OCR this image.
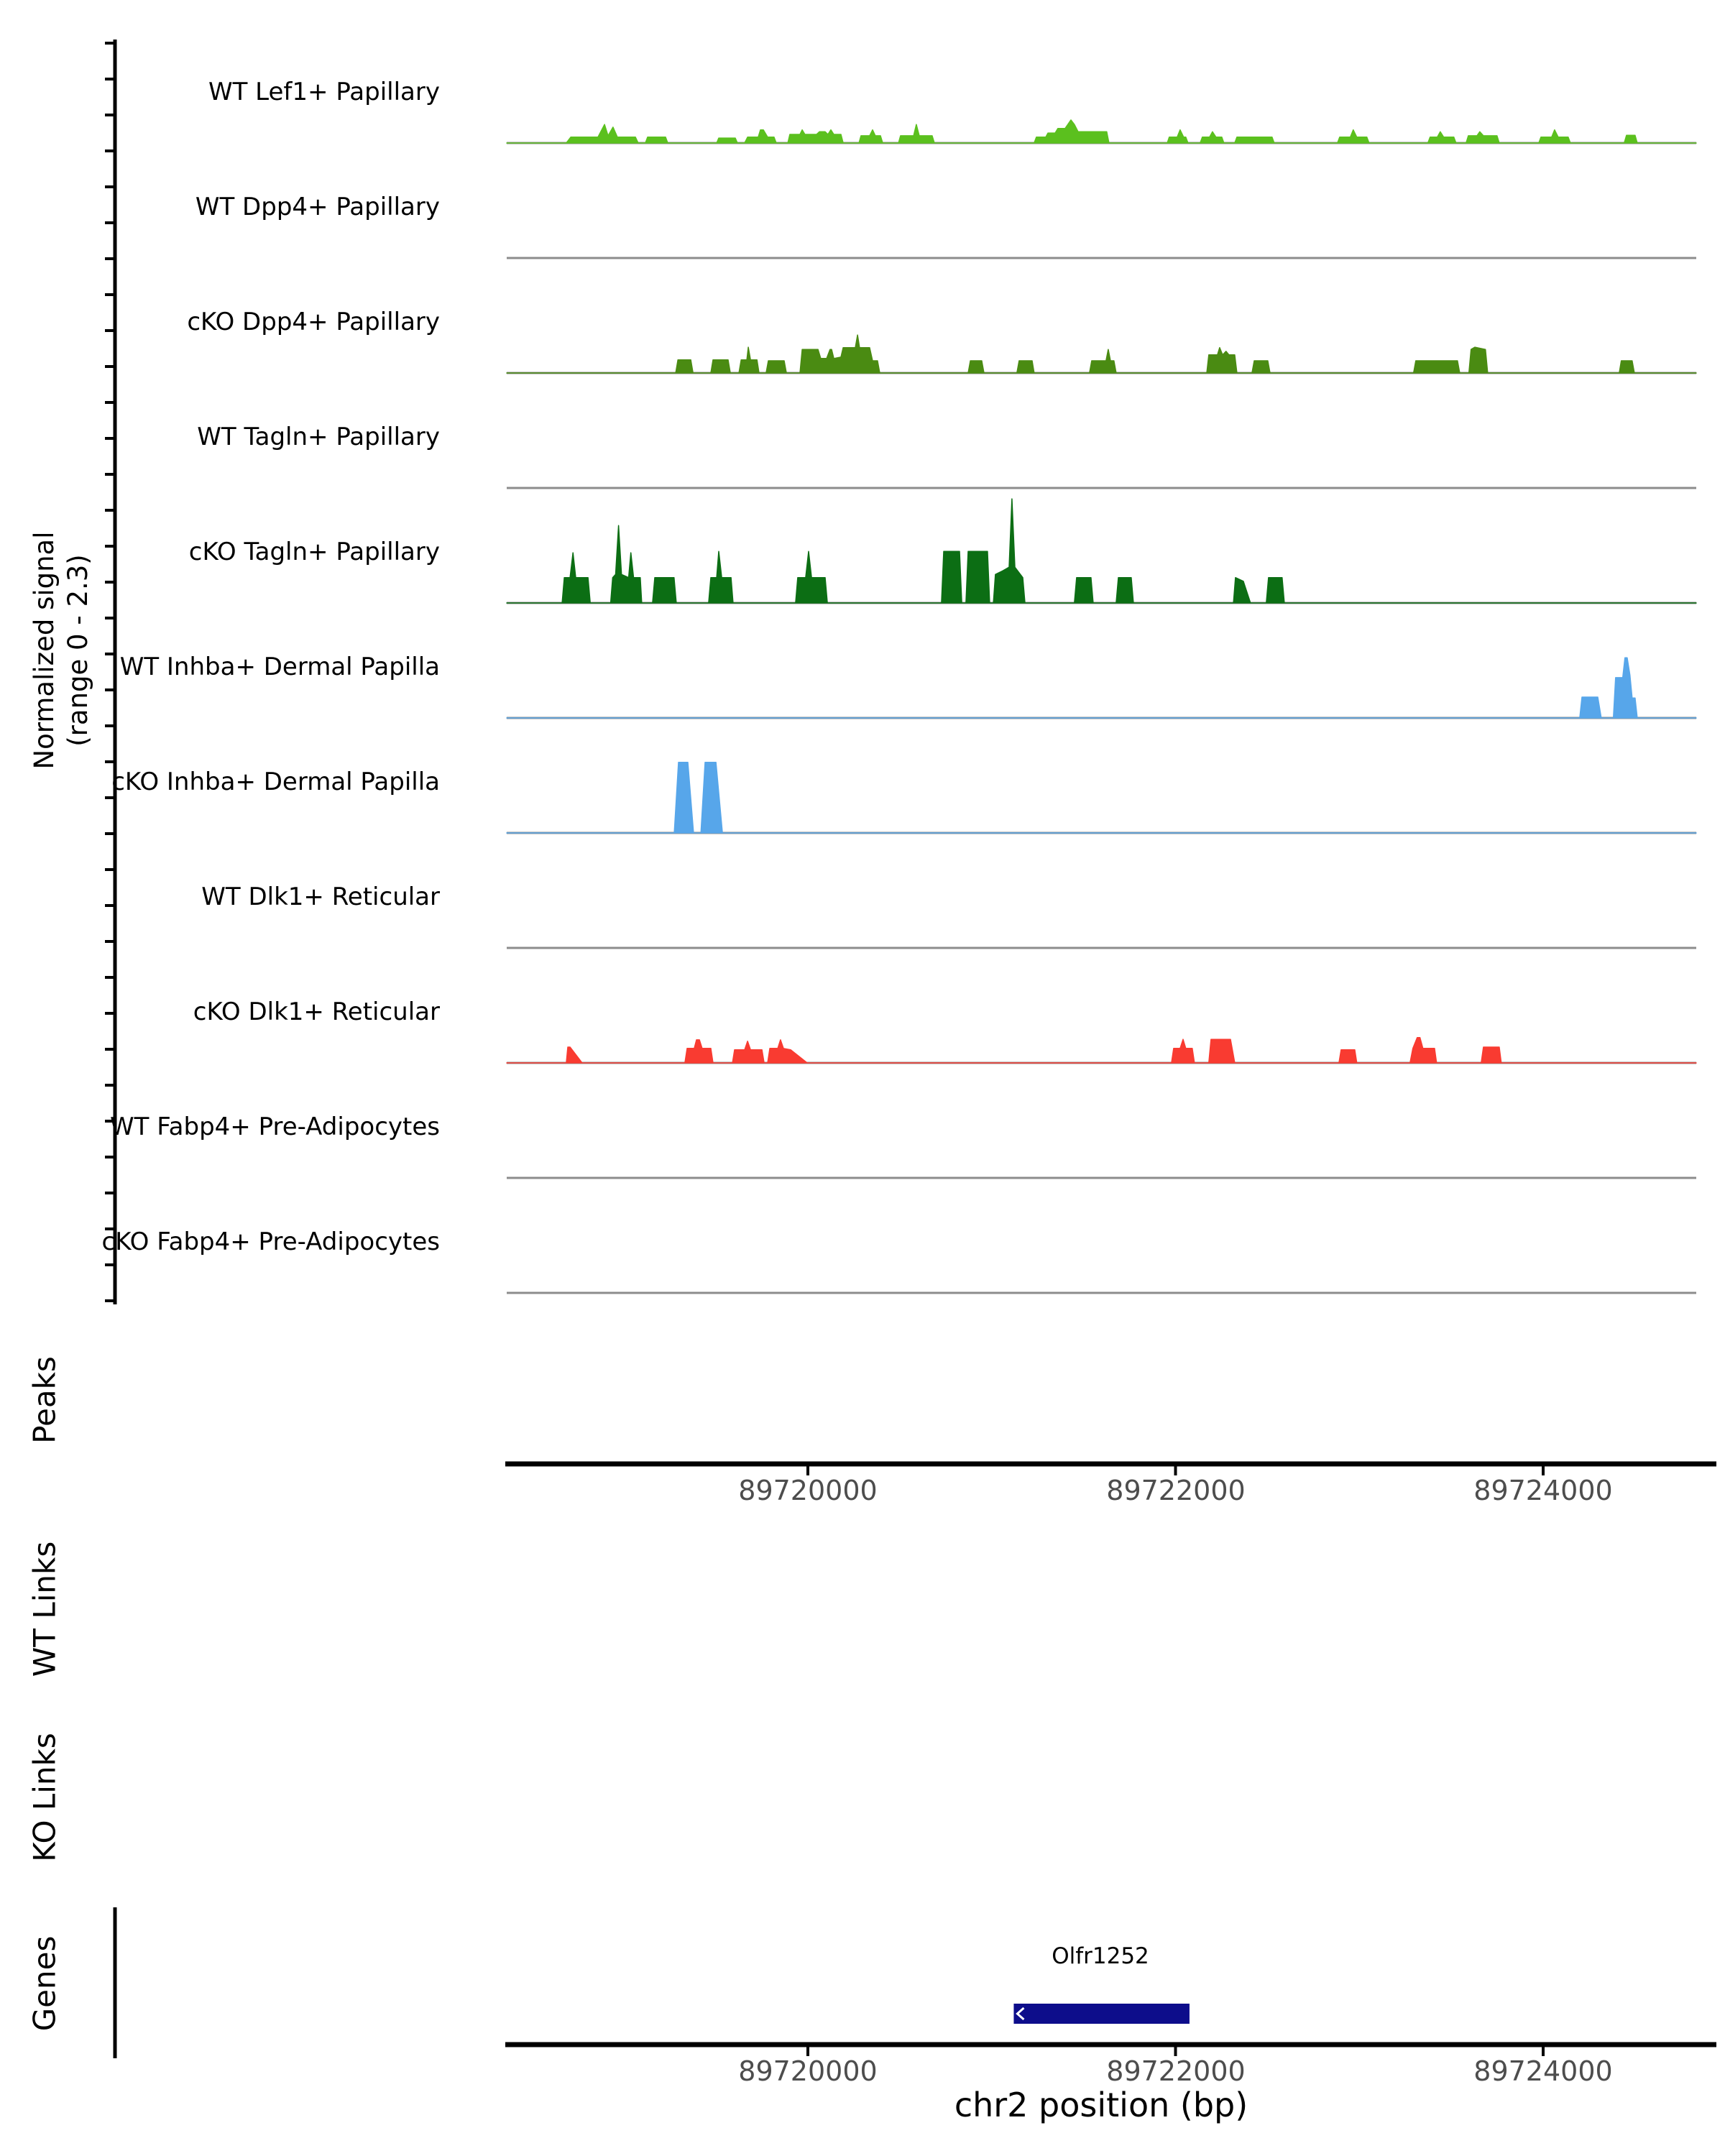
Normalized signal (range 0 - 2.3)
WT Lef1+ Papillary
WT Dpp4+ Papillary
cKO Dpp4+ Papillary
WT Tagln+ Papillary
cKO Tagln+ Papillary
WT Inhba+ Dermal Papilla
cKO Inhba+ Dermal Papilla
WT Dlk1+ Reticular
cKO Dlk1+ Reticular
WT Fabp4+ Pre-Adipocytes
cKO Fabp4+ Pre-Adipocytes
Peaks
WT Links
KO Links
Genes
89720000	89722000	89724000
Olfr1252
89720000	89722000	89724000
chr2 position (bp)
